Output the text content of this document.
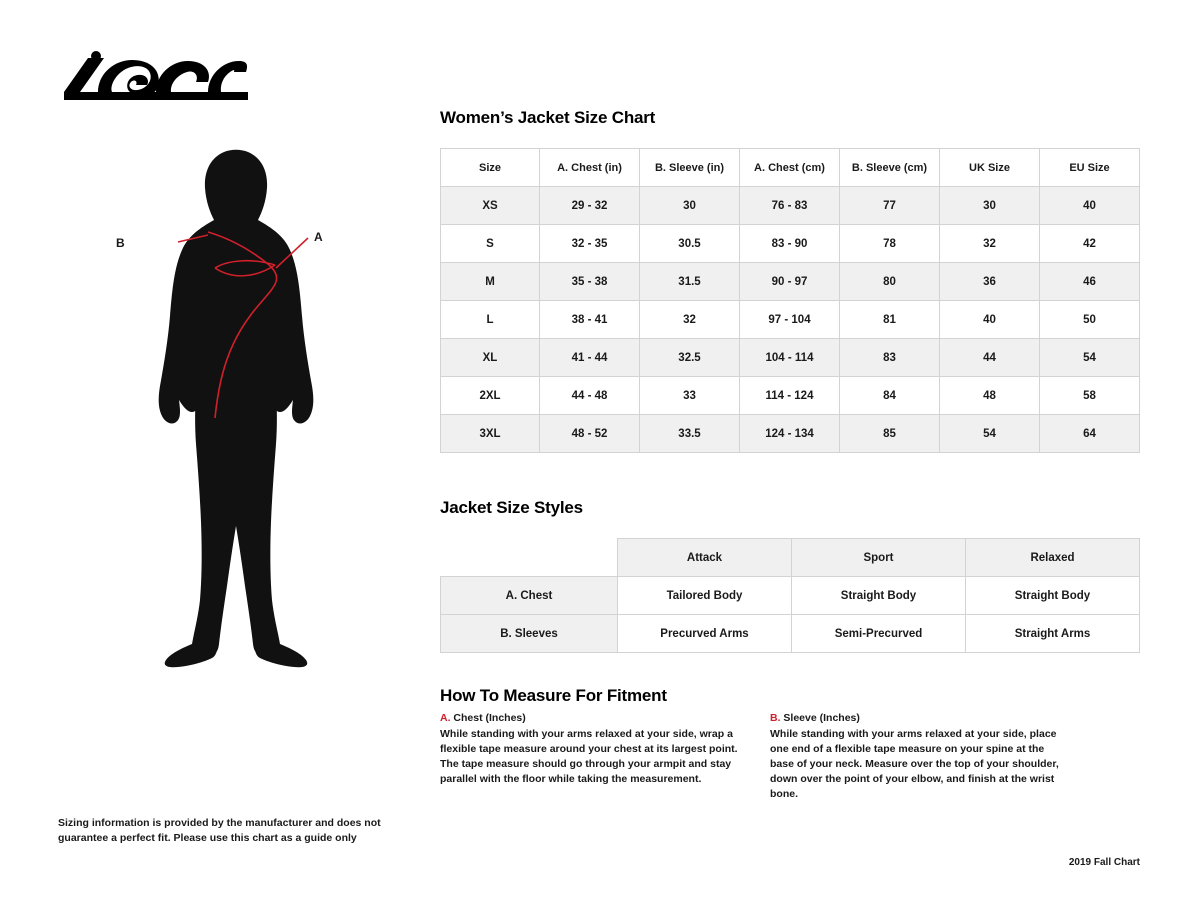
®
A
B
Sizing information is provided by the manufacturer and does not guarantee a perfect fit. Please use this chart as a guide only
Women’s Jacket Size Chart
Size	A. Chest (in)	B. Sleeve (in)	A. Chest (cm)	B. Sleeve (cm)	UK Size	EU Size
XS	29 - 32	30	76 - 83	77	30	40
S	32 - 35	30.5	83 - 90	78	32	42
M	35 - 38	31.5	90 - 97	80	36	46
L	38 - 41	32	97 - 104	81	40	50
XL	41 - 44	32.5	104 - 114	83	44	54
2XL	44 - 48	33	114 - 124	84	48	58
3XL	48 - 52	33.5	124 - 134	85	54	64
Jacket Size Styles
	Attack	Sport	Relaxed
A. Chest	Tailored Body	Straight Body	Straight Body
B. Sleeves	Precurved Arms	Semi-Precurved	Straight Arms
How To Measure For Fitment
A. Chest (Inches)
While standing with your arms relaxed at your side, wrap a flexible tape measure around your chest at its largest point. The tape measure should go through your armpit and stay parallel with the floor while taking the measurement.
B. Sleeve (Inches)
While standing with your arms relaxed at your side, place one end of a flexible tape measure on your spine at the base of your neck. Measure over the top of your shoulder, down over the point of your elbow, and finish at the wrist bone.
2019 Fall Chart
